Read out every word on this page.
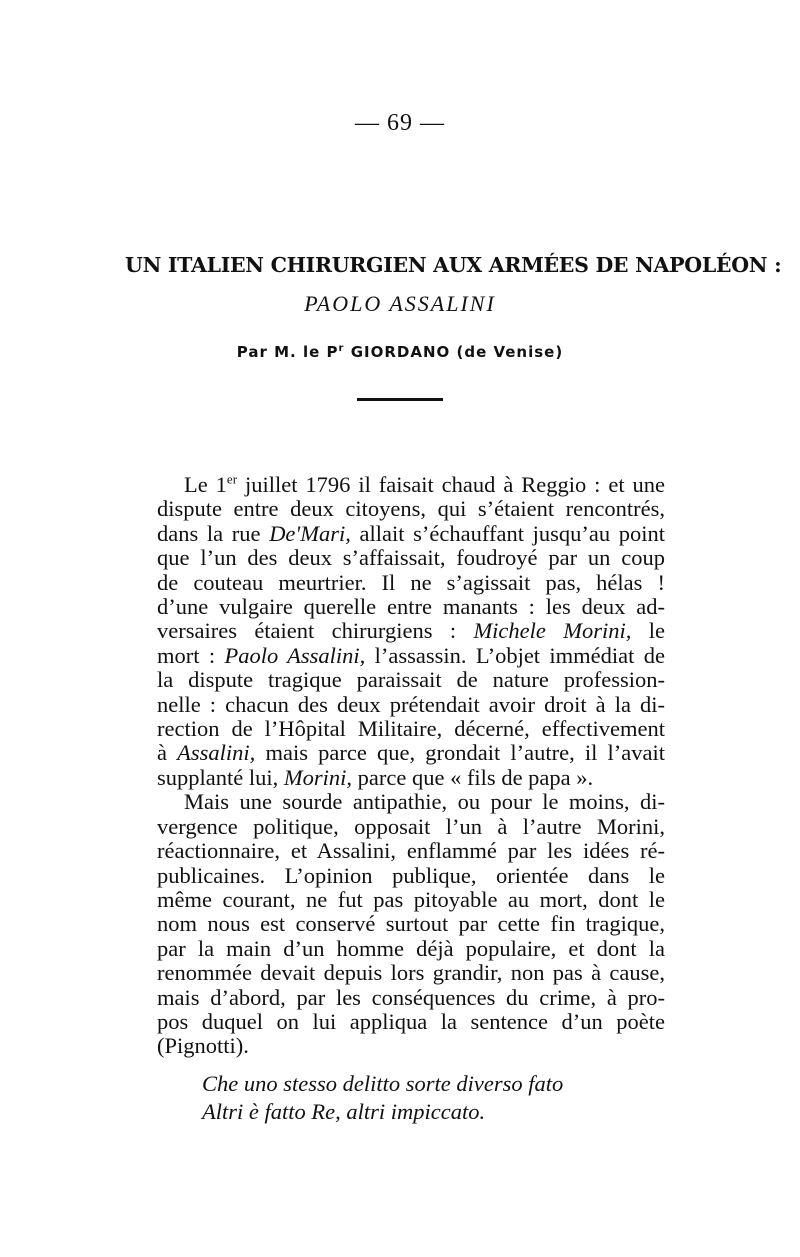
— 69 —
UN ITALIEN CHIRURGIEN AUX ARMÉES DE NAPOLÉON :
PAOLO ASSALINI
Par M. le $P^r$ GIORDANO (de Venise)

Le 1er juillet 1796 il faisait chaud à Reggio : et une
dispute entre deux citoyens, qui s’étaient rencontrés,
dans la rue De'Mari, allait s’échauffant jusqu’au point
que l’un des deux s’affaissait, foudroyé par un coup
de couteau meurtrier. Il ne s’agissait pas, hélas !
d’une vulgaire querelle entre manants : les deux ad-
versaires étaient chirurgiens : Michele Morini, le
mort : Paolo Assalini, l’assassin. L’objet immédiat de
la dispute tragique paraissait de nature profession-
nelle : chacun des deux prétendait avoir droit à la di-
rection de l’Hôpital Militaire, décerné, effectivement
à Assalini, mais parce que, grondait l’autre, il l’avait
supplanté lui, Morini, parce que « fils de papa ».

Mais une sourde antipathie, ou pour le moins, di-
vergence politique, opposait l’un à l’autre Morini,
réactionnaire, et Assalini, enflammé par les idées ré-
publicaines. L’opinion publique, orientée dans le
même courant, ne fut pas pitoyable au mort, dont le
nom nous est conservé surtout par cette fin tragique,
par la main d’un homme déjà populaire, et dont la
renommée devait depuis lors grandir, non pas à cause,
mais d’abord, par les conséquences du crime, à pro-
pos duquel on lui appliqua la sentence d’un poète
(Pignotti).

Che uno stesso delitto sorte diverso fato
Altri è fatto Re, altri impiccato.
